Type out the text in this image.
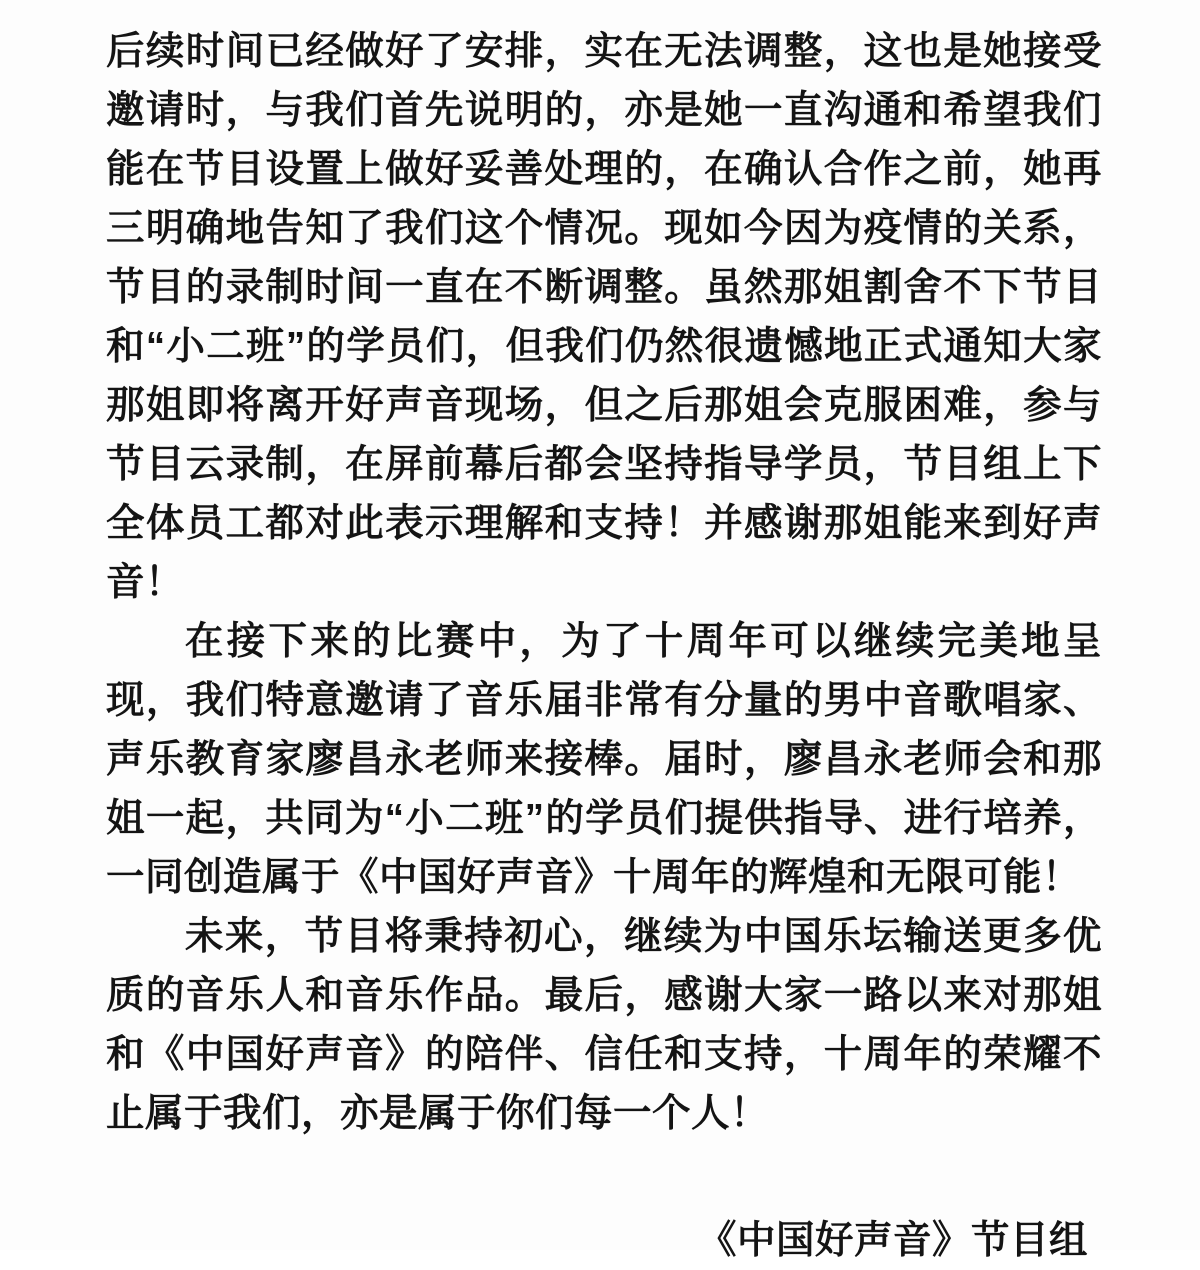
后续时间已经做好了安排，实在无法调整，这也是她接受邀请时，与我们首先说明的，亦是她一直沟通和希望我们能在节目设置上做好妥善处理的，在确认合作之前，她再三明确地告知了我们这个情况。现如今因为疫情的关系，节目的录制时间一直在不断调整。虽然那姐割舍不下节目和“小二班”的学员们，但我们仍然很遗憾地正式通知大家那姐即将离开好声音现场，但之后那姐会克服困难，参与节目云录制，在屏前幕后都会坚持指导学员，节目组上下全体员工都对此表示理解和支持！并感谢那姐能来到好声音！

在接下来的比赛中，为了十周年可以继续完美地呈现，我们特意邀请了音乐届非常有分量的男中音歌唱家、声乐教育家廖昌永老师来接棒。届时，廖昌永老师会和那姐一起，共同为“小二班”的学员们提供指导、进行培养，一同创造属于《中国好声音》十周年的辉煌和无限可能！

未来，节目将秉持初心，继续为中国乐坛输送更多优质的音乐人和音乐作品。最后，感谢大家一路以来对那姐和《中国好声音》的陪伴、信任和支持，十周年的荣耀不止属于我们，亦是属于你们每一个人！

《中国好声音》节目组
